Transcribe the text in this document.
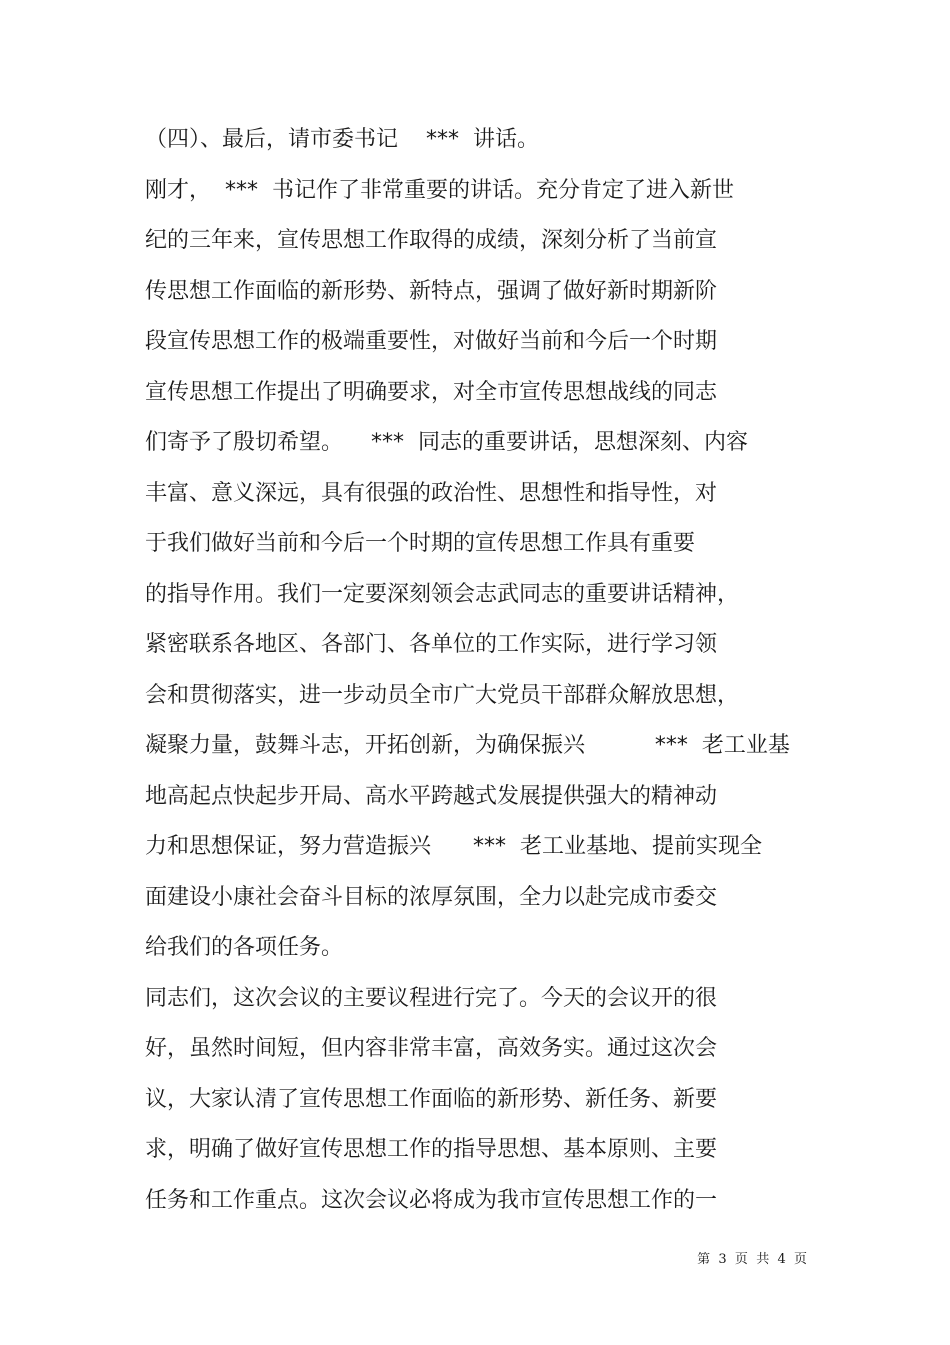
（四）、最后，请市委书记    ***  讲话。
刚才，  ***  书记作了非常重要的讲话。充分肯定了进入新世
纪的三年来，宣传思想工作取得的成绩，深刻分析了当前宣
传思想工作面临的新形势、新特点，强调了做好新时期新阶
段宣传思想工作的极端重要性，对做好当前和今后一个时期
宣传思想工作提出了明确要求，对全市宣传思想战线的同志
们寄予了殷切希望。    ***  同志的重要讲话，思想深刻、内容
丰富、意义深远，具有很强的政治性、思想性和指导性，对
于我们做好当前和今后一个时期的宣传思想工作具有重要
的指导作用。我们一定要深刻领会志武同志的重要讲话精神，
紧密联系各地区、各部门、各单位的工作实际，进行学习领
会和贯彻落实，进一步动员全市广大党员干部群众解放思想，
凝聚力量，鼓舞斗志，开拓创新，为确保振兴          ***  老工业基
地高起点快起步开局、高水平跨越式发展提供强大的精神动
力和思想保证，努力营造振兴      ***  老工业基地、提前实现全
面建设小康社会奋斗目标的浓厚氛围，全力以赴完成市委交
给我们的各项任务。
同志们，这次会议的主要议程进行完了。今天的会议开的很
好，虽然时间短，但内容非常丰富，高效务实。通过这次会
议，大家认清了宣传思想工作面临的新形势、新任务、新要
求，明确了做好宣传思想工作的指导思想、基本原则、主要
任务和工作重点。这次会议必将成为我市宣传思想工作的一
第  3  页  共  4  页
